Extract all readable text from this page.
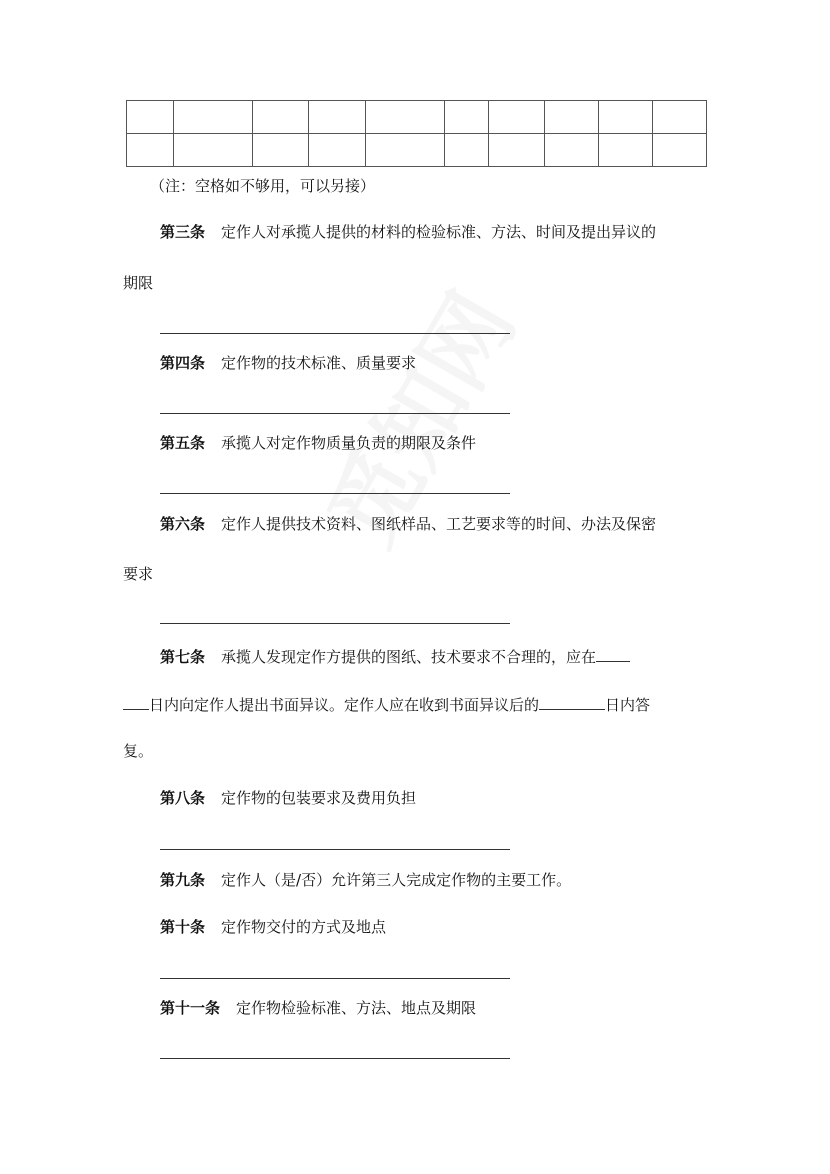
（注：空格如不够用，可以另接）
第三条 定作人对承揽人提供的材料的检验标准、方法、时间及提出异议的
期限
第四条 定作物的技术标准、质量要求
第五条 承揽人对定作物质量负责的期限及条件
第六条 定作人提供技术资料、图纸样品、工艺要求等的时间、办法及保密
要求
第七条 承揽人发现定作方提供的图纸、技术要求不合理的，应在
日内向定作人提出书面异议。定作人应在收到书面异议后的	日内答
复。
第八条 定作物的包装要求及费用负担
第九条 定作人（是/否）允许第三人完成定作物的主要工作。
第十条 定作物交付的方式及地点
第十一条 定作物检验标准、方法、地点及期限
